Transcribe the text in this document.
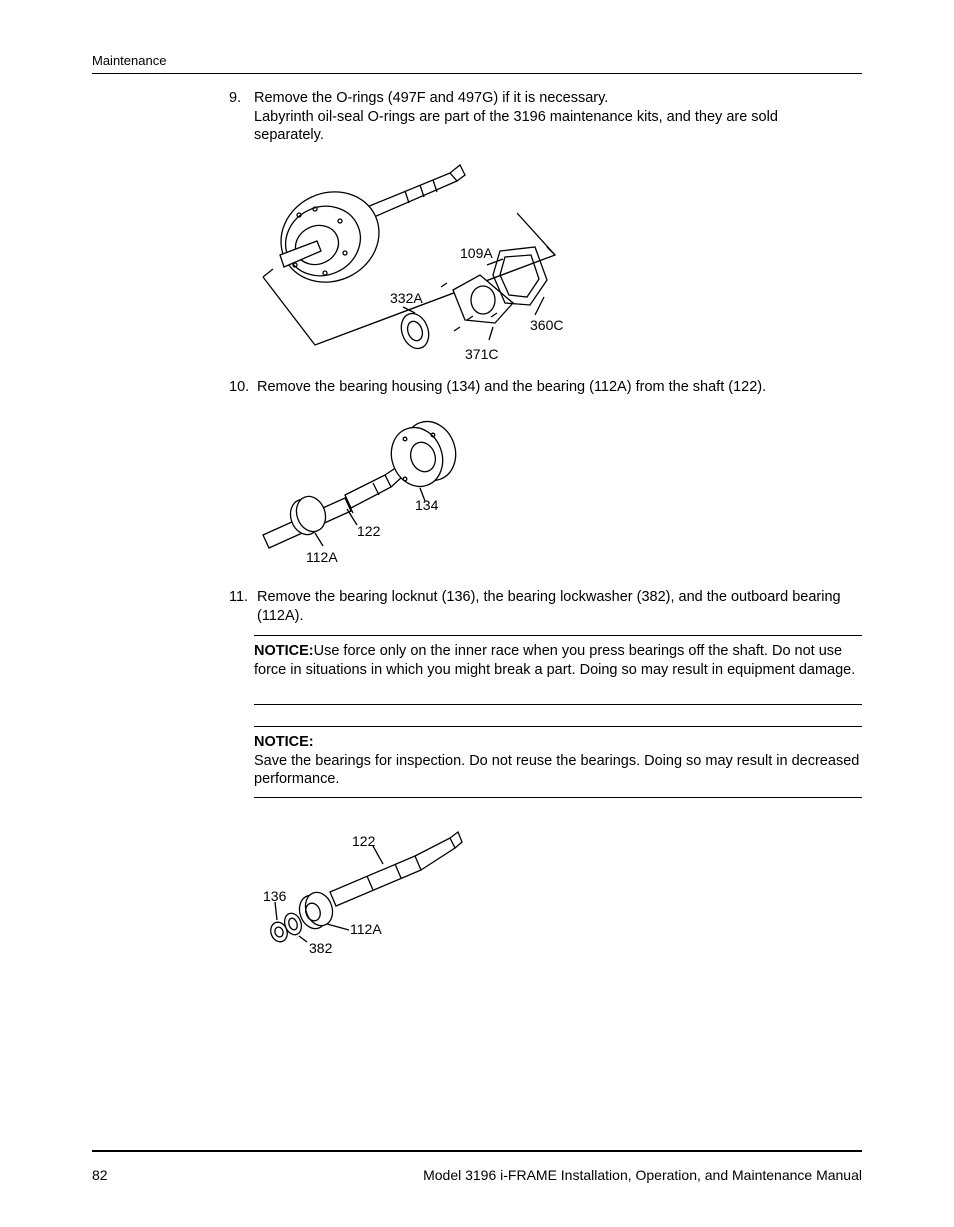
Maintenance
9. Remove the O-rings (497F and 497G) if it is necessary.
Labyrinth oil-seal O-rings are part of the 3196 maintenance kits, and they are sold separately.
109A
332A
360C
371C
10. Remove the bearing housing (134) and the bearing (112A) from the shaft (122).
134
122
112A
11. Remove the bearing locknut (136), the bearing lockwasher (382), and the outboard bearing (112A).
NOTICE:Use force only on the inner race when you press bearings off the shaft. Do not use force in situations in which you might break a part. Doing so may result in equipment damage.
NOTICE:
Save the bearings for inspection. Do not reuse the bearings. Doing so may result in decreased performance.
122
136
112A
382
82	Model 3196 i-FRAME Installation, Operation, and Maintenance Manual
